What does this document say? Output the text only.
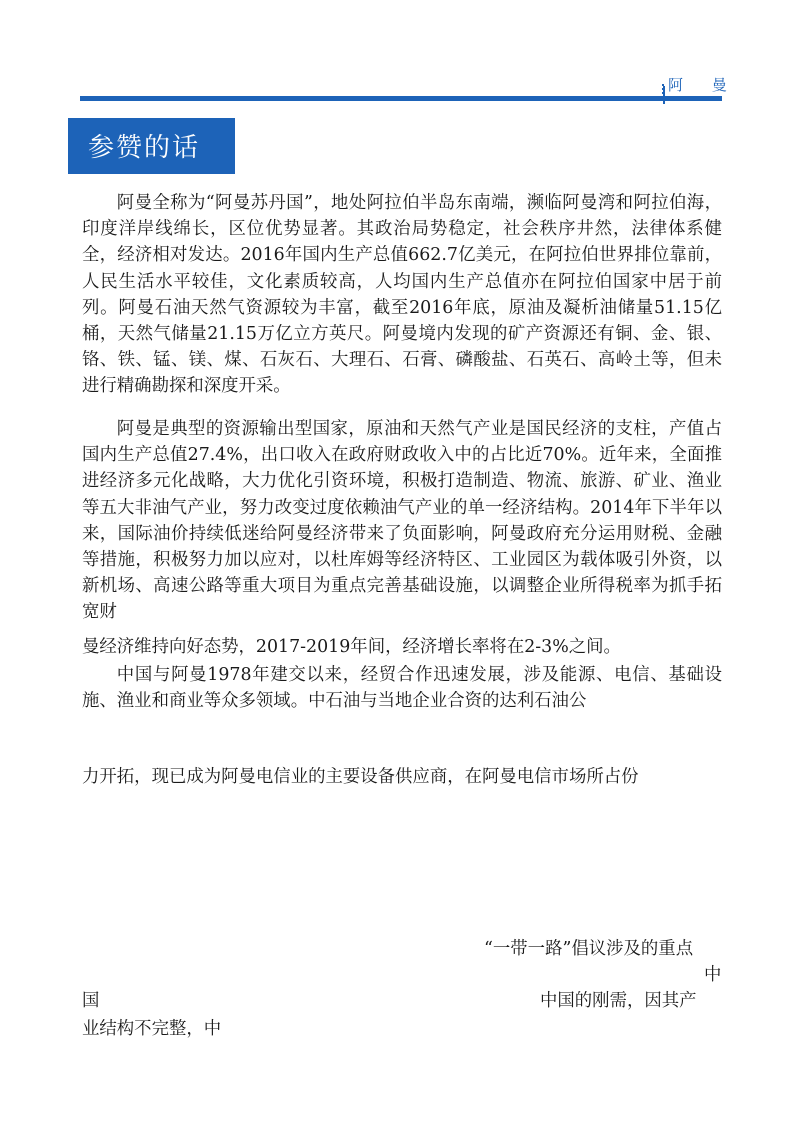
阿 曼
参赞的话

阿曼全称为“阿曼苏丹国”，地处阿拉伯半岛东南端，濒临阿曼湾和阿拉伯海，印度洋岸线绵长，区位优势显著。其政治局势稳定，社会秩序井然，法律体系健全，经济相对发达。2016年国内生产总值662.7亿美元，在阿拉伯世界排位靠前，人民生活水平较佳，文化素质较高，人均国内生产总值亦在阿拉伯国家中居于前列。阿曼石油天然气资源较为丰富，截至2016年底，原油及凝析油储量51.15亿桶，天然气储量21.15万亿立方英尺。阿曼境内发现的矿产资源还有铜、金、银、铬、铁、锰、镁、煤、石灰石、大理石、石膏、磷酸盐、石英石、高岭土等，但未进行精确勘探和深度开采。

阿曼是典型的资源输出型国家，原油和天然气产业是国民经济的支柱，产值占国内生产总值27.4%，出口收入在政府财政收入中的占比近70%。近年来，全面推进经济多元化战略，大力优化引资环境，积极打造制造、物流、旅游、矿业、渔业等五大非油气产业，努力改变过度依赖油气产业的单一经济结构。2014年下半年以来，国际油价持续低迷给阿曼经济带来了负面影响，阿曼政府充分运用财税、金融等措施，积极努力加以应对，以杜库姆等经济特区、工业园区为载体吸引外资，以新机场、高速公路等重大项目为重点完善基础设施，以调整企业所得税率为抓手拓宽财

曼经济维持向好态势，2017-2019年间，经济增长率将在2-3%之间。

中国与阿曼1978年建交以来，经贸合作迅速发展，涉及能源、电信、基础设施、渔业和商业等众多领域。中石油与当地企业合资的达利石油公

力开拓，现已成为阿曼电信业的主要设备供应商，在阿曼电信市场所占份

“一带一路”倡议涉及的重点
中
国	中国的刚需，因其产
业结构不完整，中
